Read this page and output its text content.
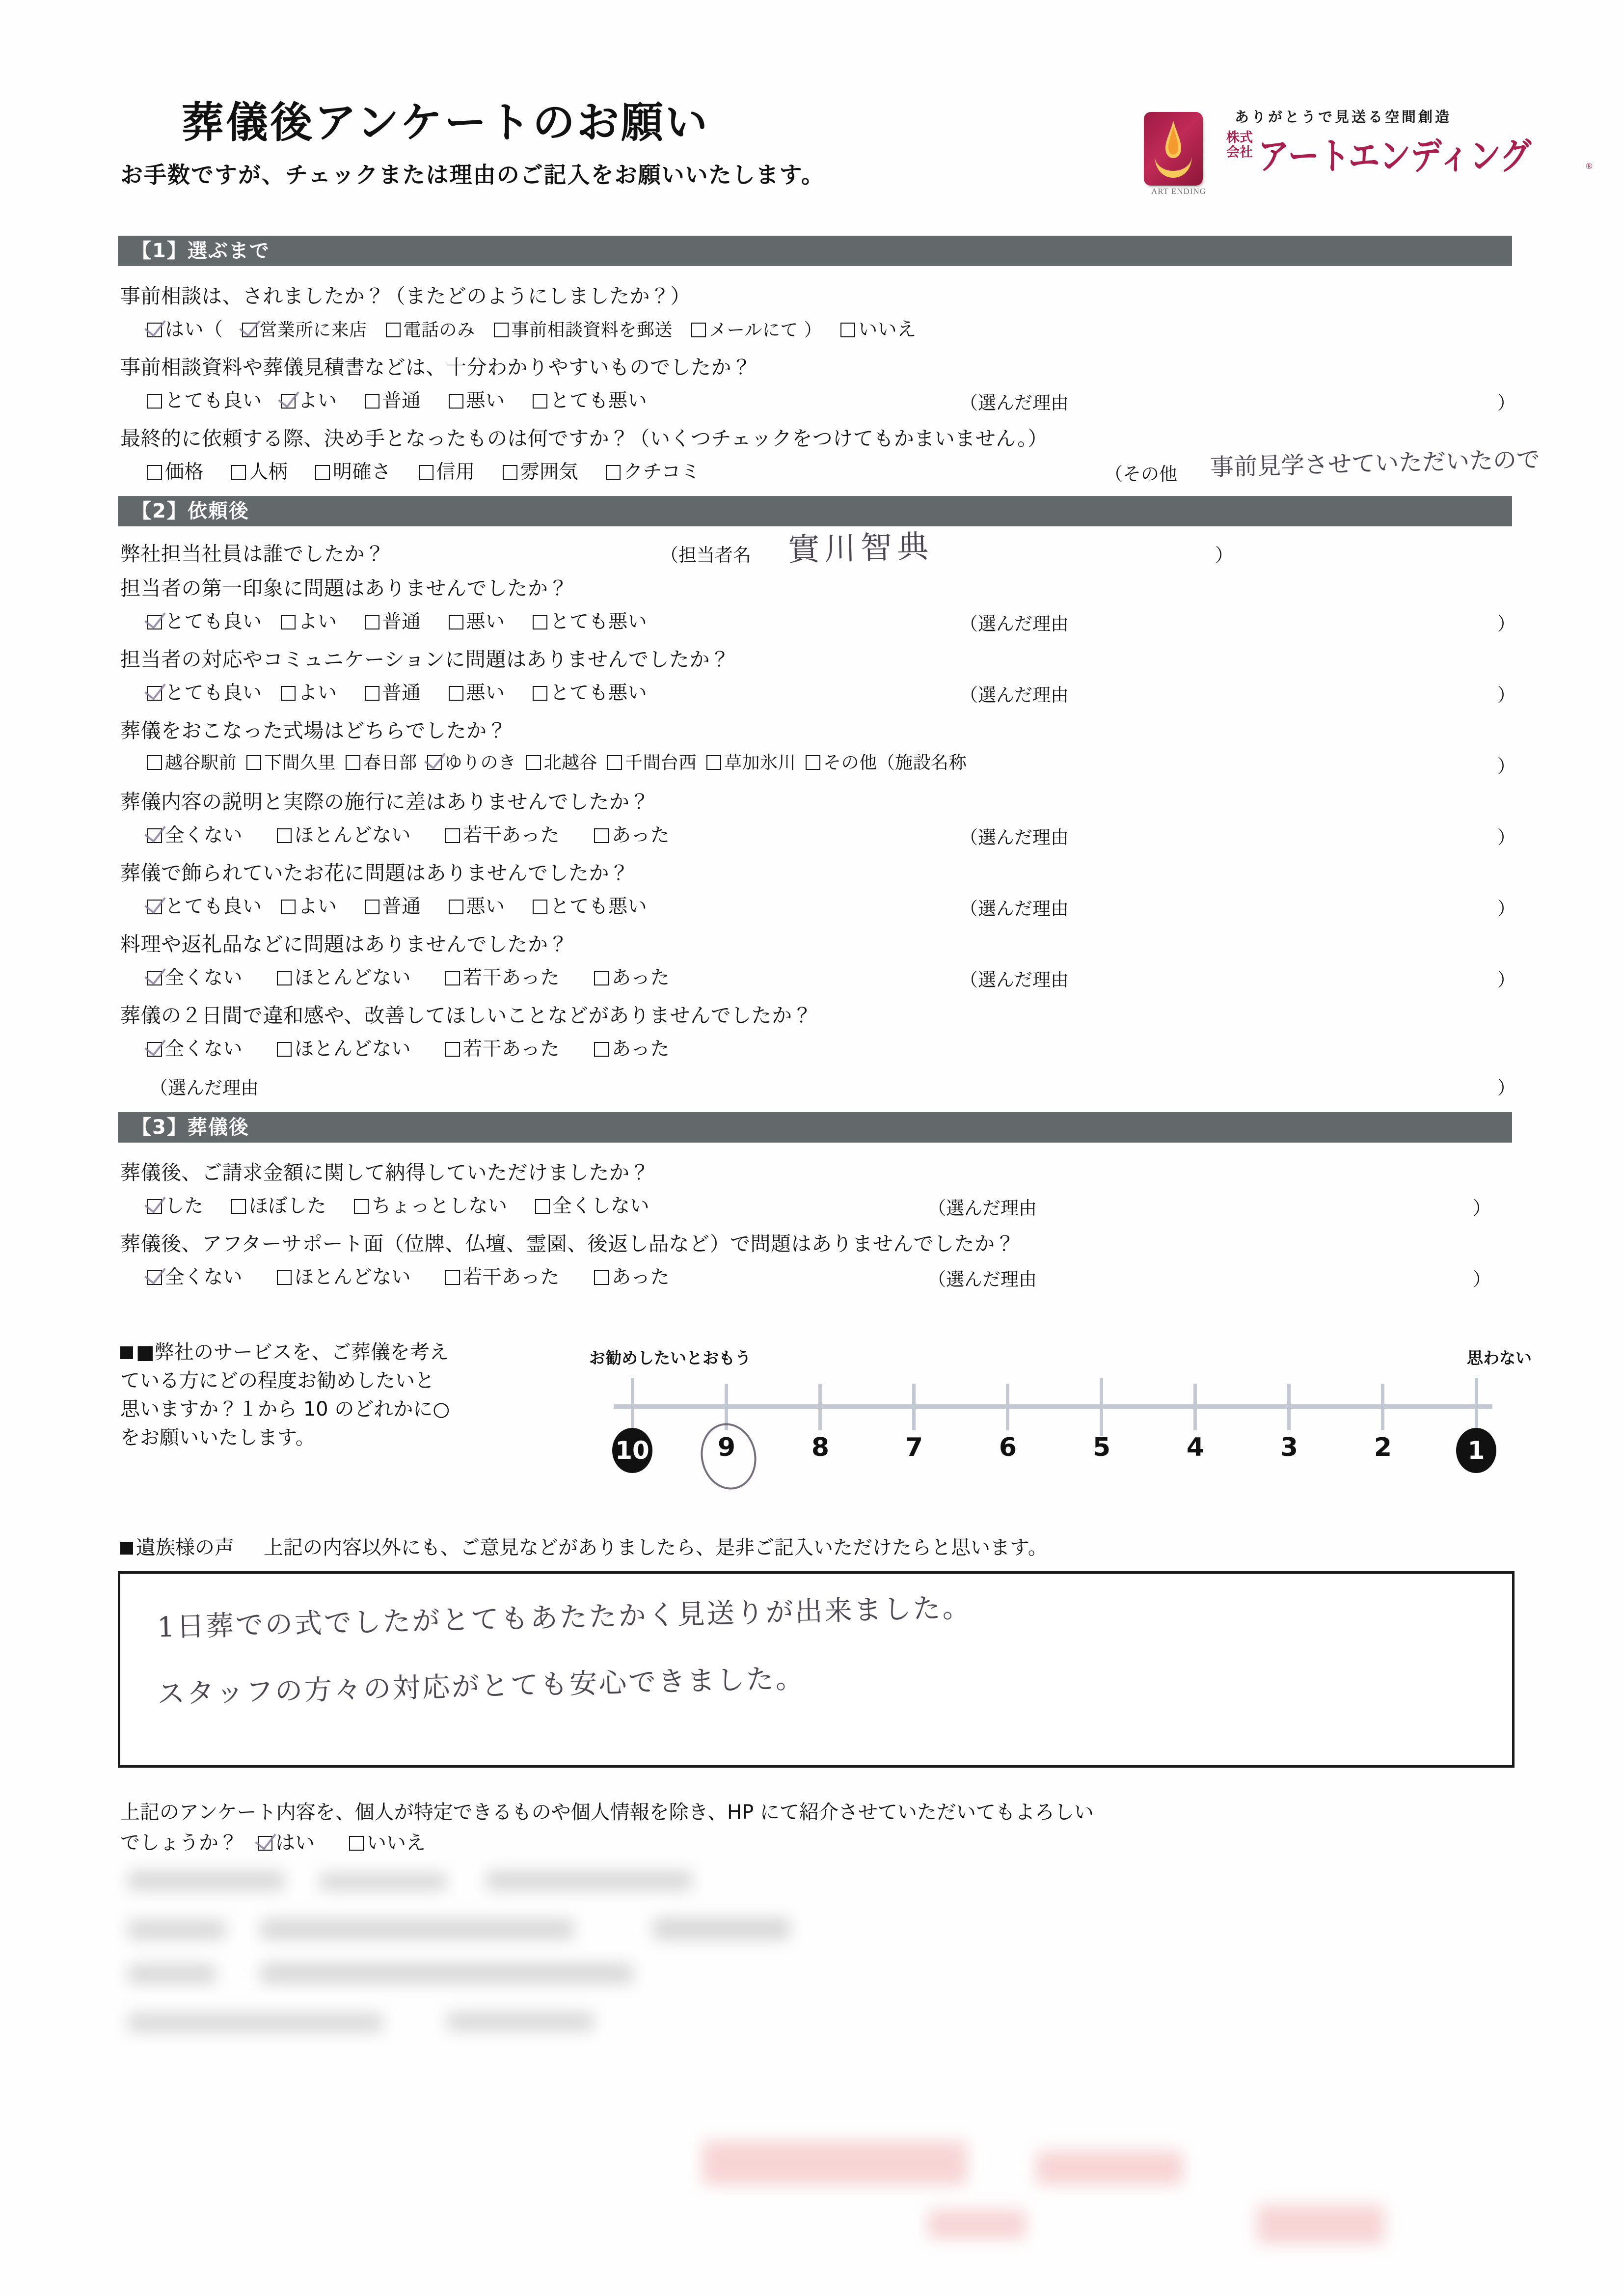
葬儀後アンケートのお願い
お手数ですが、チェックまたは理由のご記入をお願いいたします。
ART ENDING
ありがとうで見送る空間創造
株式
会社 アートエンディング	®
【1】選ぶまで
事前相談は、されましたか？（またどのようにしましたか？）
はい（ 営業所に来店 電話のみ 事前相談資料を郵送 メールにて ） いいえ
事前相談資料や葬儀見積書などは、十分わかりやすいものでしたか？
とても良い よい 普通 悪い とても悪い	（選んだ理由	）
最終的に依頼する際、決め手となったものは何ですか？（いくつチェックをつけてもかまいません。）
価格 人柄 明確さ 信用 雰囲気 クチコミ	（その他 事前見学させていただいたので
【2】依頼後
弊社担当社員は誰でしたか？	（担当者名 實川智典	）
担当者の第一印象に問題はありませんでしたか？
とても良い よい 普通 悪い とても悪い	（選んだ理由	）
担当者の対応やコミュニケーションに問題はありませんでしたか？
とても良い よい 普通 悪い とても悪い	（選んだ理由	）
葬儀をおこなった式場はどちらでしたか？
越谷駅前 下間久里 春日部 ゆりのき 北越谷 千間台西 草加氷川 その他（施設名称	）
葬儀内容の説明と実際の施行に差はありませんでしたか？
全くない	ほとんどない	若干あった	あった	（選んだ理由	）
葬儀で飾られていたお花に問題はありませんでしたか？
とても良い よい 普通 悪い とても悪い	（選んだ理由	）
料理や返礼品などに問題はありませんでしたか？
全くない	ほとんどない	若干あった	あった	（選んだ理由	）
葬儀の２日間で違和感や、改善してほしいことなどがありませんでしたか？
全くない	ほとんどない	若干あった	あった
（選んだ理由	）
【3】葬儀後
葬儀後、ご請求金額に関して納得していただけましたか？
した ほぼした ちょっとしない 全くしない	（選んだ理由	）
葬儀後、アフターサポート面（位牌、仏壇、霊園、後返し品など）で問題はありませんでしたか？
全くない	ほとんどない	若干あった	あった	（選んだ理由	）
■弊社のサービスを、ご葬儀を考え
ている方にどの程度お勧めしたいと
思いますか？１から 10 のどれかに○
をお願いいたします。
お勧めしたいとおもう	思わない
10	9	8	7	6	5	4	3	2	1
遺族様の声 上記の内容以外にも、ご意見などがありましたら、是非ご記入いただけたらと思います。
1日葬での式でしたがとてもあたたかく見送りが出来ました。
スタッフの方々の対応がとても安心できました。
上記のアンケート内容を、個人が特定できるものや個人情報を除き、HP にて紹介させていただいてもよろしい
でしょうか？ はい	いいえ
